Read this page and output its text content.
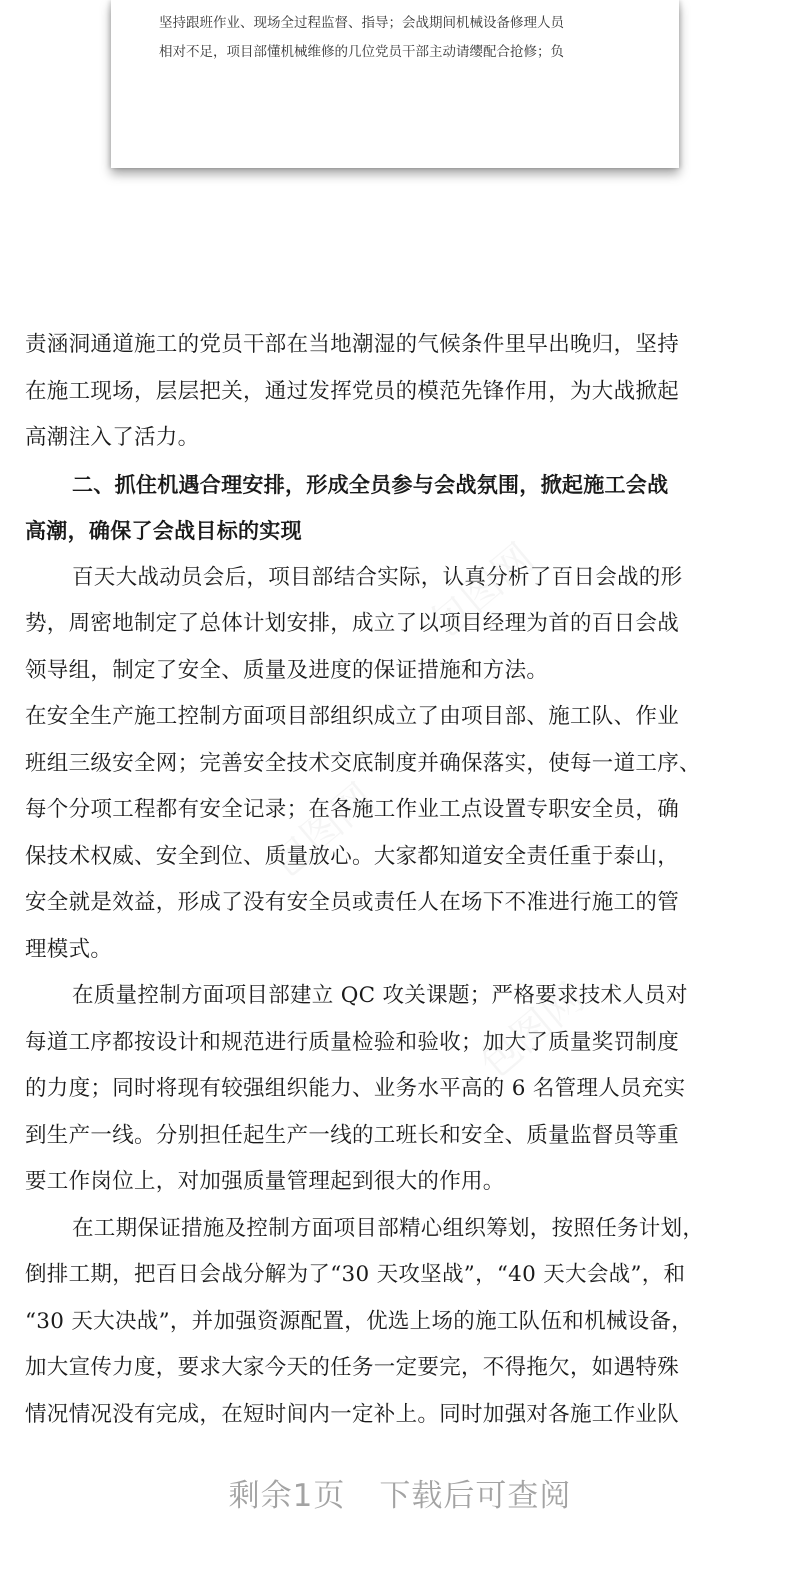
坚持跟班作业、现场全过程监督、指导；会战期间机械设备修理人员
相对不足，项目部懂机械维修的几位党员干部主动请缨配合抢修；负
包图网
包图网
包图网
责涵洞通道施工的党员干部在当地潮湿的气候条件里早出晚归，坚持
在施工现场，层层把关，通过发挥党员的模范先锋作用，为大战掀起
高潮注入了活力。
二、抓住机遇合理安排，形成全员参与会战氛围，掀起施工会战
高潮，确保了会战目标的实现
百天大战动员会后，项目部结合实际，认真分析了百日会战的形
势，周密地制定了总体计划安排，成立了以项目经理为首的百日会战
领导组，制定了安全、质量及进度的保证措施和方法。
在安全生产施工控制方面项目部组织成立了由项目部、施工队、作业
班组三级安全网；完善安全技术交底制度并确保落实，使每一道工序、
每个分项工程都有安全记录；在各施工作业工点设置专职安全员，确
保技术权威、安全到位、质量放心。大家都知道安全责任重于泰山，
安全就是效益，形成了没有安全员或责任人在场下不准进行施工的管
理模式。
在质量控制方面项目部建立 QC 攻关课题；严格要求技术人员对
每道工序都按设计和规范进行质量检验和验收；加大了质量奖罚制度
的力度；同时将现有较强组织能力、业务水平高的 6 名管理人员充实
到生产一线。分别担任起生产一线的工班长和安全、质量监督员等重
要工作岗位上，对加强质量管理起到很大的作用。
在工期保证措施及控制方面项目部精心组织筹划，按照任务计划，
倒排工期，把百日会战分解为了“30 天攻坚战”，“40 天大会战”，和
“30 天大决战”，并加强资源配置，优选上场的施工队伍和机械设备，
加大宣传力度，要求大家今天的任务一定要完，不得拖欠，如遇特殊
情况情况没有完成，在短时间内一定补上。同时加强对各施工作业队
剩余1页 下载后可查阅
